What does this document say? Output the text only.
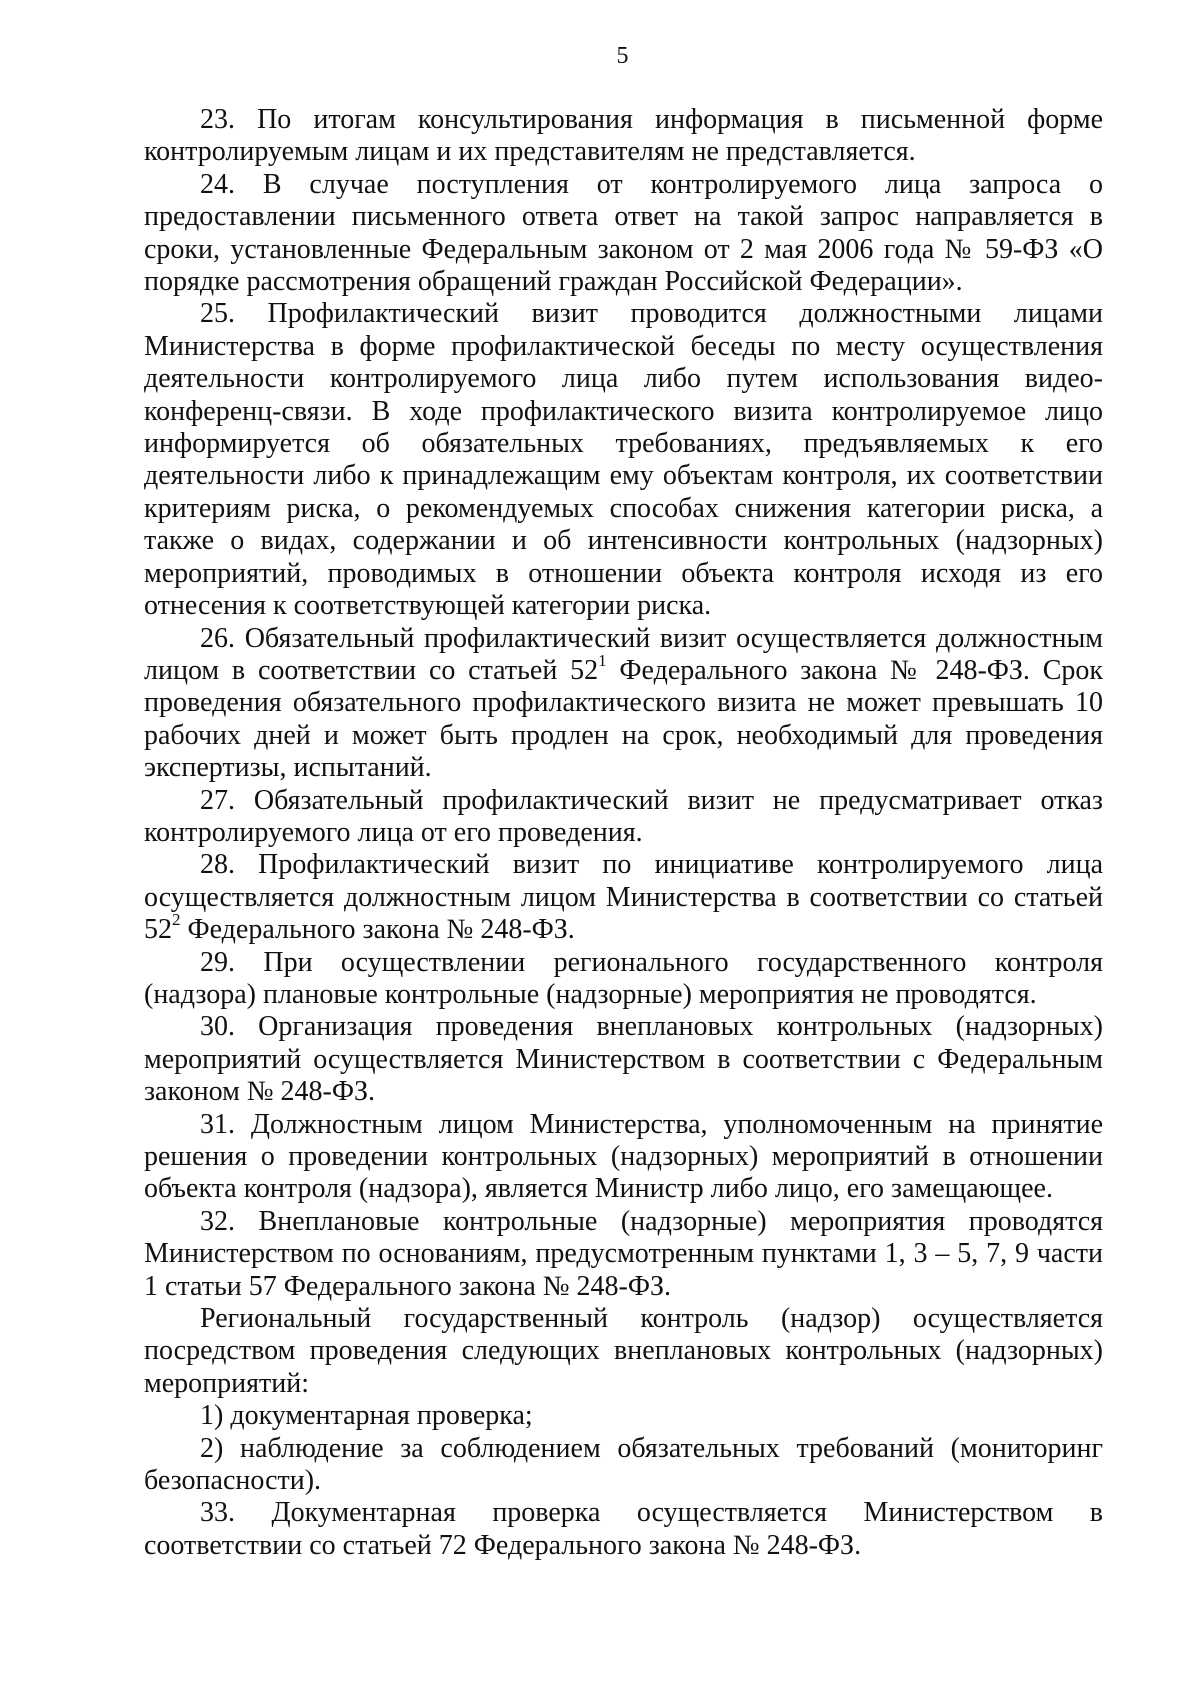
5

23. По итогам консультирования информация в письменной форме контролируемым лицам и их представителям не представляется.

24. В случае поступления от контролируемого лица запроса о предоставлении письменного ответа ответ на такой запрос направляется в сроки, установленные Федеральным законом от 2 мая 2006 года № 59-ФЗ «О порядке рассмотрения обращений граждан Российской Федерации».

25. Профилактический визит проводится должностными лицами Министерства в форме профилактической беседы по месту осуществления деятельности контролируемого лица либо путем использования видео-конференц-связи. В ходе профилактического визита контролируемое лицо информируется об обязательных требованиях, предъявляемых к его деятельности либо к принадлежащим ему объектам контроля, их соответствии критериям риска, о рекомендуемых способах снижения категории риска, а также о видах, содержании и об интенсивности контрольных (надзорных) мероприятий, проводимых в отношении объекта контроля исходя из его отнесения к соответствующей категории риска.

26. Обязательный профилактический визит осуществляется должностным лицом в соответствии со статьей $52^1$ Федерального закона № 248-ФЗ. Срок проведения обязательного профилактического визита не может превышать 10 рабочих дней и может быть продлен на срок, необходимый для проведения экспертизы, испытаний.

27. Обязательный профилактический визит не предусматривает отказ контролируемого лица от его проведения.

28. Профилактический визит по инициативе контролируемого лица осуществляется должностным лицом Министерства в соответствии со статьей $52^2$ Федерального закона № 248-ФЗ.

29. При осуществлении регионального государственного контроля (надзора) плановые контрольные (надзорные) мероприятия не проводятся.

30. Организация проведения внеплановых контрольных (надзорных) мероприятий осуществляется Министерством в соответствии с Федеральным законом № 248-ФЗ.

31. Должностным лицом Министерства, уполномоченным на принятие решения о проведении контрольных (надзорных) мероприятий в отношении объекта контроля (надзора), является Министр либо лицо, его замещающее.

32. Внеплановые контрольные (надзорные) мероприятия проводятся Министерством по основаниям, предусмотренным пунктами 1, 3 – 5, 7, 9 части 1 статьи 57 Федерального закона № 248-ФЗ.

Региональный государственный контроль (надзор) осуществляется посредством проведения следующих внеплановых контрольных (надзорных) мероприятий:

1) документарная проверка;

2) наблюдение за соблюдением обязательных требований (мониторинг безопасности).

33. Документарная проверка осуществляется Министерством в соответствии со статьей 72 Федерального закона № 248-ФЗ.
